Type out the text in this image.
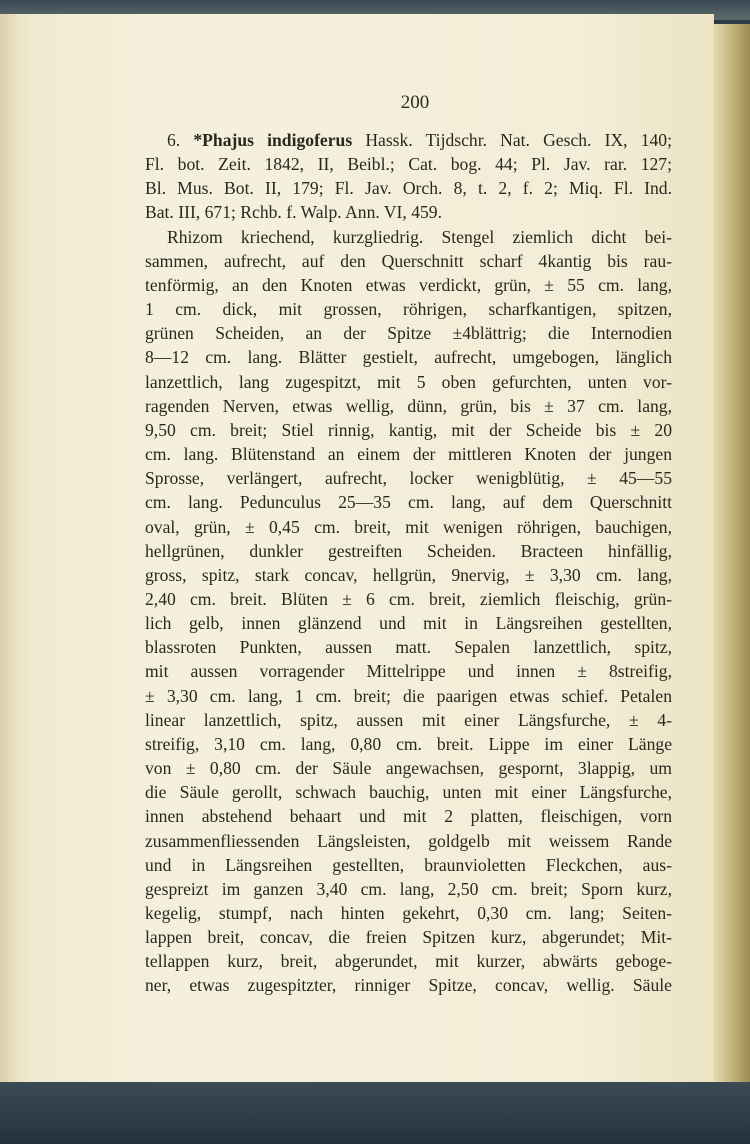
200
6. *Phajus indigoferus Hassk. Tijdschr. Nat. Gesch. IX, 140;
Fl. bot. Zeit. 1842, II, Beibl.; Cat. bog. 44; Pl. Jav. rar. 127;
Bl. Mus. Bot. II, 179; Fl. Jav. Orch. 8, t. 2, f. 2; Miq. Fl. Ind.
Bat. III, 671; Rchb. f. Walp. Ann. VI, 459.
Rhizom kriechend, kurzgliedrig. Stengel ziemlich dicht bei-
sammen, aufrecht, auf den Querschnitt scharf 4kantig bis rau-
tenförmig, an den Knoten etwas verdickt, grün, ± 55 cm. lang,
1 cm. dick, mit grossen, röhrigen, scharfkantigen, spitzen,
grünen Scheiden, an der Spitze ±4blättrig; die Internodien
8—12 cm. lang. Blätter gestielt, aufrecht, umgebogen, länglich
lanzettlich, lang zugespitzt, mit 5 oben gefurchten, unten vor-
ragenden Nerven, etwas wellig, dünn, grün, bis ± 37 cm. lang,
9,50 cm. breit; Stiel rinnig, kantig, mit der Scheide bis ± 20
cm. lang. Blütenstand an einem der mittleren Knoten der jungen
Sprosse, verlängert, aufrecht, locker wenigblütig, ± 45—55
cm. lang. Pedunculus 25—35 cm. lang, auf dem Querschnitt
oval, grün, ± 0,45 cm. breit, mit wenigen röhrigen, bauchigen,
hellgrünen, dunkler gestreiften Scheiden. Bracteen hinfällig,
gross, spitz, stark concav, hellgrün, 9nervig, ± 3,30 cm. lang,
2,40 cm. breit. Blüten ± 6 cm. breit, ziemlich fleischig, grün-
lich gelb, innen glänzend und mit in Längsreihen gestellten,
blassroten Punkten, aussen matt. Sepalen lanzettlich, spitz,
mit aussen vorragender Mittelrippe und innen ± 8streifig,
± 3,30 cm. lang, 1 cm. breit; die paarigen etwas schief. Petalen
linear lanzettlich, spitz, aussen mit einer Längsfurche, ± 4-
streifig, 3,10 cm. lang, 0,80 cm. breit. Lippe im einer Länge
von ± 0,80 cm. der Säule angewachsen, gespornt, 3lappig, um
die Säule gerollt, schwach bauchig, unten mit einer Längsfurche,
innen abstehend behaart und mit 2 platten, fleischigen, vorn
zusammenfliessenden Längsleisten, goldgelb mit weissem Rande
und in Längsreihen gestellten, braunvioletten Fleckchen, aus-
gespreizt im ganzen 3,40 cm. lang, 2,50 cm. breit; Sporn kurz,
kegelig, stumpf, nach hinten gekehrt, 0,30 cm. lang; Seiten-
lappen breit, concav, die freien Spitzen kurz, abgerundet; Mit-
tellappen kurz, breit, abgerundet, mit kurzer, abwärts geboge-
ner, etwas zugespitzter, rinniger Spitze, concav, wellig. Säule
